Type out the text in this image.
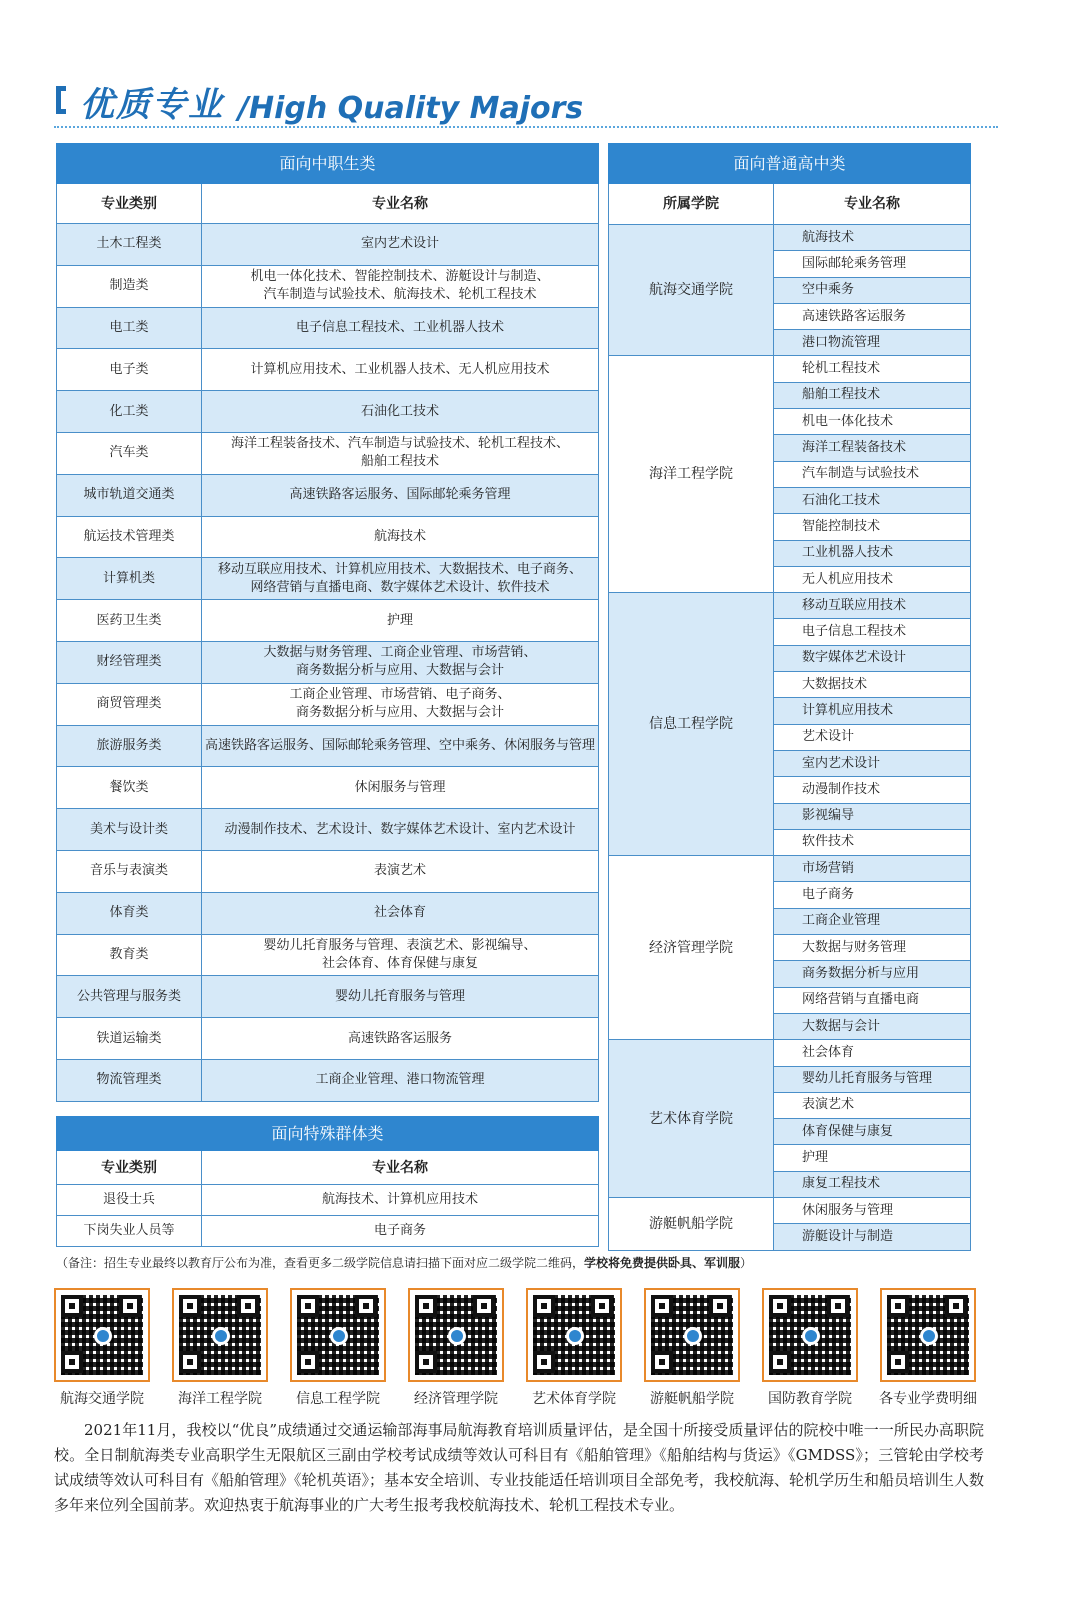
优质专业 /High Quality Majors
面向中职生类	
专业类别	专业名称
土木工程类	室内艺术设计
制造类	机电一体化技术、智能控制技术、游艇设计与制造、
汽车制造与试验技术、航海技术、轮机工程技术
电工类	电子信息工程技术、工业机器人技术
电子类	计算机应用技术、工业机器人技术、无人机应用技术
化工类	石油化工技术
汽车类	海洋工程装备技术、汽车制造与试验技术、轮机工程技术、
船舶工程技术
城市轨道交通类	高速铁路客运服务、国际邮轮乘务管理
航运技术管理类	航海技术
计算机类	移动互联应用技术、计算机应用技术、大数据技术、电子商务、
网络营销与直播电商、数字媒体艺术设计、软件技术
医药卫生类	护理
财经管理类	大数据与财务管理、工商企业管理、市场营销、
商务数据分析与应用、大数据与会计
商贸管理类	工商企业管理、市场营销、电子商务、
商务数据分析与应用、大数据与会计
旅游服务类	高速铁路客运服务、国际邮轮乘务管理、空中乘务、休闲服务与管理
餐饮类	休闲服务与管理
美术与设计类	动漫制作技术、艺术设计、数字媒体艺术设计、室内艺术设计
音乐与表演类	表演艺术
体育类	社会体育
教育类	婴幼儿托育服务与管理、表演艺术、影视编导、
社会体育、体育保健与康复
公共管理与服务类	婴幼儿托育服务与管理
铁道运输类	高速铁路客运服务
物流管理类	工商企业管理、港口物流管理
面向特殊群体类	
专业类别	专业名称
退役士兵	航海技术、计算机应用技术
下岗失业人员等	电子商务
面向普通高中类	
所属学院	专业名称
航海交通学院	航海技术
	国际邮轮乘务管理
	空中乘务
	高速铁路客运服务
	港口物流管理
海洋工程学院	轮机工程技术
	船舶工程技术
	机电一体化技术
	海洋工程装备技术
	汽车制造与试验技术
	石油化工技术
	智能控制技术
	工业机器人技术
	无人机应用技术
信息工程学院	移动互联应用技术
	电子信息工程技术
	数字媒体艺术设计
	大数据技术
	计算机应用技术
	艺术设计
	室内艺术设计
	动漫制作技术
	影视编导
	软件技术
经济管理学院	市场营销
	电子商务
	工商企业管理
	大数据与财务管理
	商务数据分析与应用
	网络营销与直播电商
	大数据与会计
艺术体育学院	社会体育
	婴幼儿托育服务与管理
	表演艺术
	体育保健与康复
	护理
	康复工程技术
游艇帆船学院	休闲服务与管理
	游艇设计与制造
（备注：招生专业最终以教育厅公布为准，查看更多二级学院信息请扫描下面对应二级学院二维码，学校将免费提供卧具、军训服）
航海交通学院	海洋工程学院	信息工程学院	经济管理学院	艺术体育学院	游艇帆船学院	国防教育学院	各专业学费明细

2021年11月，我校以“优良”成绩通过交通运输部海事局航海教育培训质量评估，是全国十所接受质量评估的院校中唯一一所民办高职院校。全日制航海类专业高职学生无限航区三副由学校考试成绩等效认可科目有《船舶管理》《船舶结构与货运》《GMDSS》；三管轮由学校考试成绩等效认可科目有《船舶管理》《轮机英语》；基本安全培训、专业技能适任培训项目全部免考，我校航海、轮机学历生和船员培训生人数多年来位列全国前茅。欢迎热衷于航海事业的广大考生报考我校航海技术、轮机工程技术专业。
